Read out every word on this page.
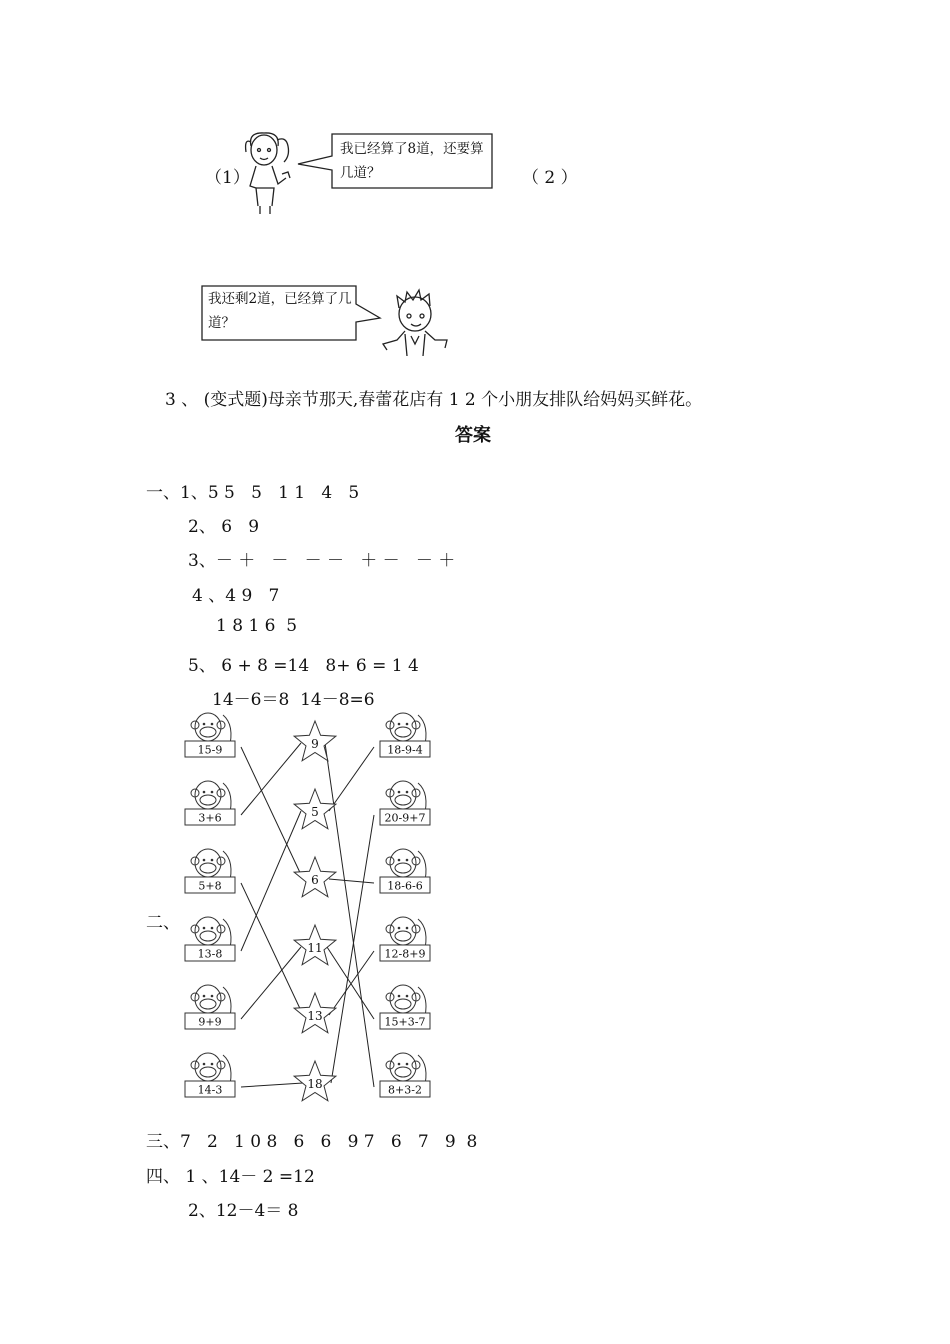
（1）
我已经算了8道，还要算几道？	（ 2 ）
我还剩2道，已经算了几道？
3 、 (变式题)母亲节那天,春蕾花店有 1 2 个小朋友排队给妈妈买鲜花。
答案
一、1、5 5   5   1 1   4   5
2、 6   9
3、－ ＋   －   － －   ＋ －   － ＋
4 、4 9   7
1 8 1 6  5
5、 6 + 8 =14   8+ 6 = 1 4
14－6＝8  14－8=6
二、
15-9
3+6
5+8
13-8
9+9
14-3
9
5
6
11
13
18
18-9-4
20-9+7
18-6-6
12-8+9
15+3-7
8+3-2
三、7   2   1 0 8   6   6   9 7   6   7   9  8
四、 1 、14－ 2 =12
2、12－4＝ 8
